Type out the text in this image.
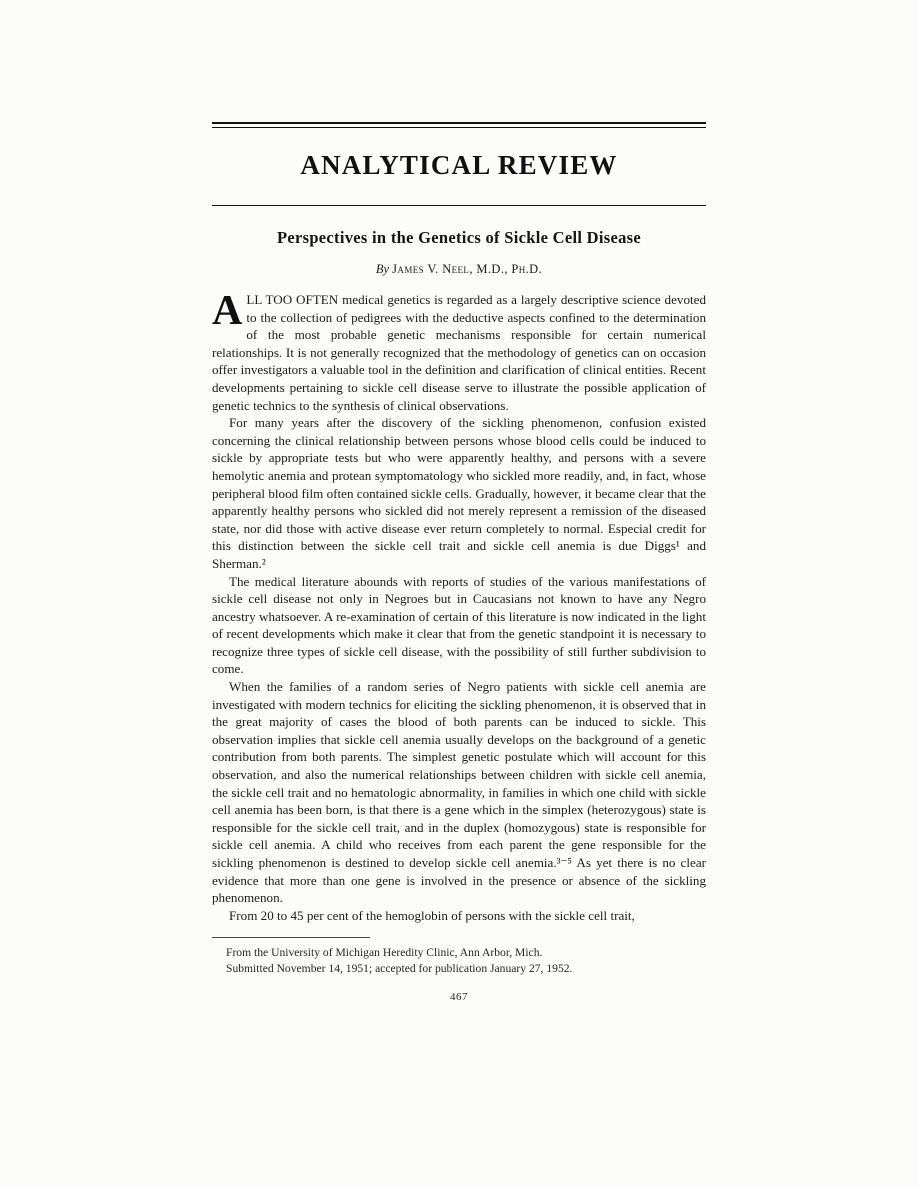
ANALYTICAL REVIEW
Perspectives in the Genetics of Sickle Cell Disease
By James V. Neel, M.D., Ph.D.

ALL TOO OFTEN medical genetics is regarded as a largely descriptive science devoted to the collection of pedigrees with the deductive aspects confined to the determination of the most probable genetic mechanisms responsible for certain numerical relationships. It is not generally recognized that the methodology of genetics can on occasion offer investigators a valuable tool in the definition and clarification of clinical entities. Recent developments pertaining to sickle cell disease serve to illustrate the possible application of genetic technics to the synthesis of clinical observations.

For many years after the discovery of the sickling phenomenon, confusion existed concerning the clinical relationship between persons whose blood cells could be induced to sickle by appropriate tests but who were apparently healthy, and persons with a severe hemolytic anemia and protean symptomatology who sickled more readily, and, in fact, whose peripheral blood film often contained sickle cells. Gradually, however, it became clear that the apparently healthy persons who sickled did not merely represent a remission of the diseased state, nor did those with active disease ever return completely to normal. Especial credit for this distinction between the sickle cell trait and sickle cell anemia is due Diggs¹ and Sherman.²

The medical literature abounds with reports of studies of the various manifestations of sickle cell disease not only in Negroes but in Caucasians not known to have any Negro ancestry whatsoever. A re-examination of certain of this literature is now indicated in the light of recent developments which make it clear that from the genetic standpoint it is necessary to recognize three types of sickle cell disease, with the possibility of still further subdivision to come.

When the families of a random series of Negro patients with sickle cell anemia are investigated with modern technics for eliciting the sickling phenomenon, it is observed that in the great majority of cases the blood of both parents can be induced to sickle. This observation implies that sickle cell anemia usually develops on the background of a genetic contribution from both parents. The simplest genetic postulate which will account for this observation, and also the numerical relationships between children with sickle cell anemia, the sickle cell trait and no hematologic abnormality, in families in which one child with sickle cell anemia has been born, is that there is a gene which in the simplex (heterozygous) state is responsible for the sickle cell trait, and in the duplex (homozygous) state is responsible for sickle cell anemia. A child who receives from each parent the gene responsible for the sickling phenomenon is destined to develop sickle cell anemia.³⁻⁵ As yet there is no clear evidence that more than one gene is involved in the presence or absence of the sickling phenomenon.

From 20 to 45 per cent of the hemoglobin of persons with the sickle cell trait,

From the University of Michigan Heredity Clinic, Ann Arbor, Mich.

Submitted November 14, 1951; accepted for publication January 27, 1952.

467
